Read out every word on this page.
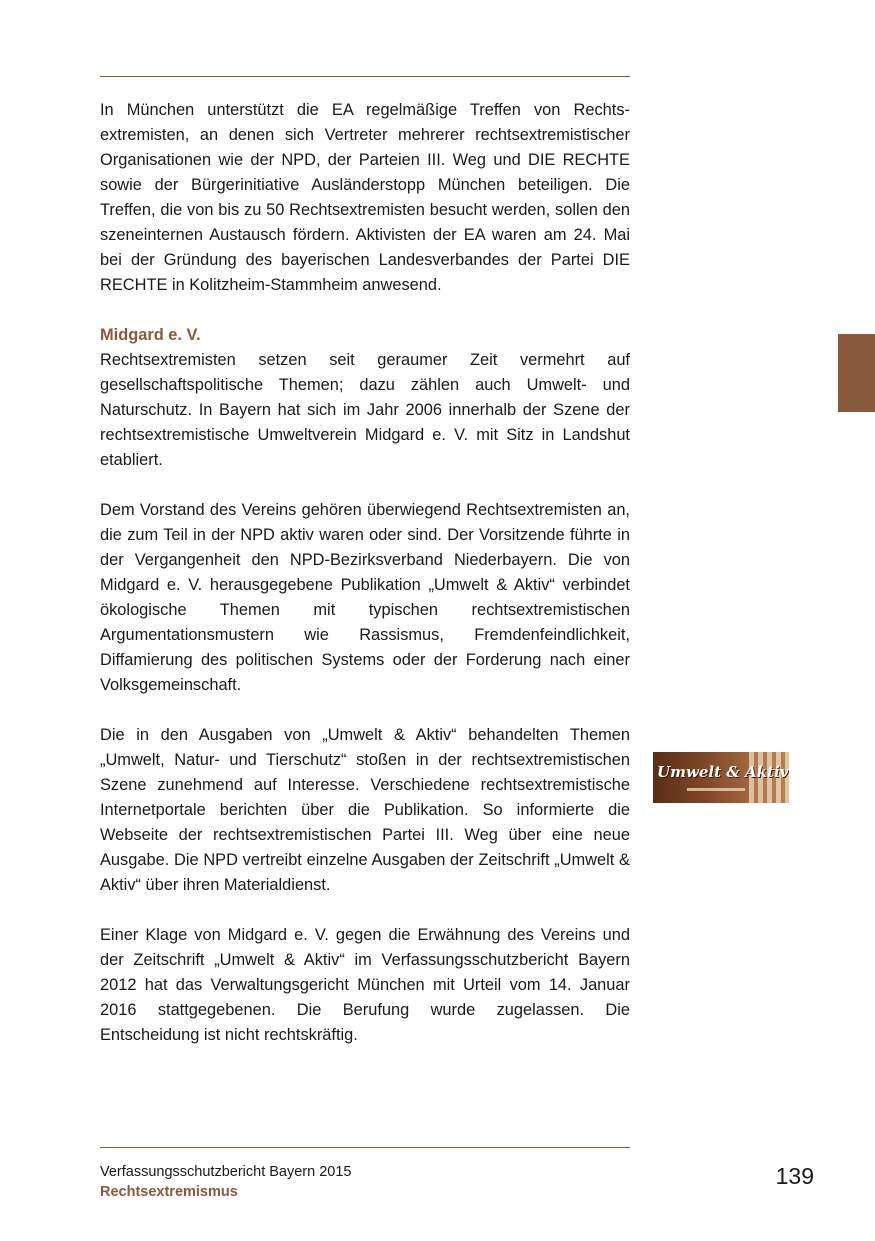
In München unterstützt die EA regelmäßige Treffen von Rechtsextremisten, an denen sich Vertreter mehrerer rechtsextremistischer Organisationen wie der NPD, der Parteien III. Weg und DIE RECHTE sowie der Bürgerinitiative Ausländerstopp München beteiligen. Die Treffen, die von bis zu 50 Rechtsextremisten besucht werden, sollen den szeneinternen Austausch fördern. Aktivisten der EA waren am 24. Mai bei der Gründung des bayerischen Landesverbandes der Partei DIE RECHTE in Kolitzheim-Stammheim anwesend.

Midgard e. V.

Rechtsextremisten setzen seit geraumer Zeit vermehrt auf gesellschaftspolitische Themen; dazu zählen auch Umwelt- und Naturschutz. In Bayern hat sich im Jahr 2006 innerhalb der Szene der rechtsextremistische Umweltverein Midgard e. V. mit Sitz in Landshut etabliert.

Dem Vorstand des Vereins gehören überwiegend Rechtsextremisten an, die zum Teil in der NPD aktiv waren oder sind. Der Vorsitzende führte in der Vergangenheit den NPD-Bezirksverband Niederbayern. Die von Midgard e. V. herausgegebene Publikation „Umwelt & Aktiv“ verbindet ökologische Themen mit typischen rechtsextremistischen Argumentationsmustern wie Rassismus, Fremdenfeindlichkeit, Diffamierung des politischen Systems oder der Forderung nach einer Volksgemeinschaft.

Die in den Ausgaben von „Umwelt & Aktiv“ behandelten Themen „Umwelt, Natur- und Tierschutz“ stoßen in der rechtsextremistischen Szene zunehmend auf Interesse. Verschiedene rechtsextremistische Internetportale berichten über die Publikation. So informierte die Webseite der rechtsextremistischen Partei III. Weg über eine neue Ausgabe. Die NPD vertreibt einzelne Ausgaben der Zeitschrift „Umwelt & Aktiv“ über ihren Materialdienst.

Einer Klage von Midgard e. V. gegen die Erwähnung des Vereins und der Zeitschrift „Umwelt & Aktiv“ im Verfassungsschutzbericht Bayern 2012 hat das Verwaltungsgericht München mit Urteil vom 14. Januar 2016 stattgegebenen. Die Berufung wurde zugelassen. Die Entscheidung ist nicht rechtskräftig.

Umwelt & Aktiv
Verfassungsschutzbericht Bayern 2015
Rechtsextremismus
139
